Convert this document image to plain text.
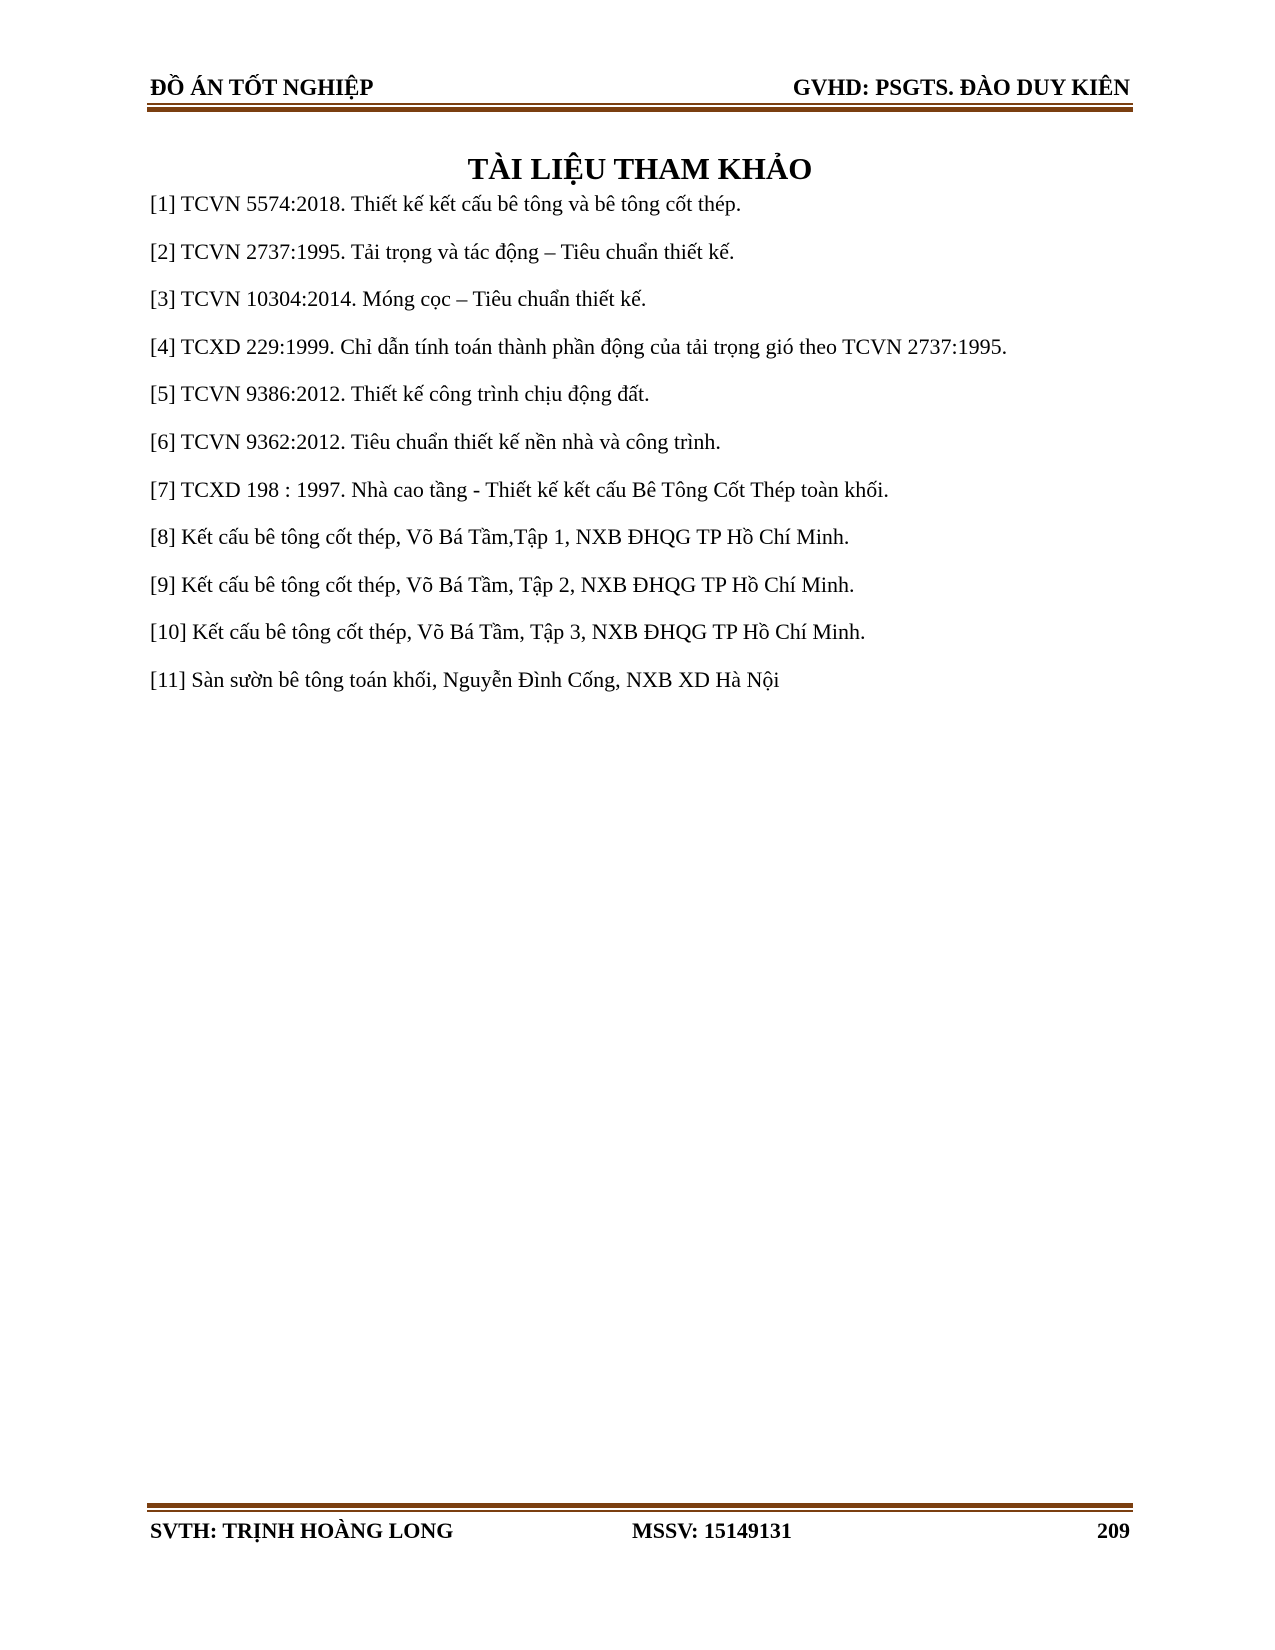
ĐỒ ÁN TỐT NGHIỆP	GVHD: PSGTS. ĐÀO DUY KIÊN
TÀI LIỆU THAM KHẢO
[1] TCVN 5574:2018. Thiết kế kết cấu bê tông và bê tông cốt thép.
[2] TCVN 2737:1995. Tải trọng và tác động – Tiêu chuẩn thiết kế.
[3] TCVN 10304:2014. Móng cọc – Tiêu chuẩn thiết kế.
[4] TCXD 229:1999. Chỉ dẫn tính toán thành phần động của tải trọng gió theo TCVN 2737:1995.
[5] TCVN 9386:2012. Thiết kế công trình chịu động đất.
[6] TCVN 9362:2012. Tiêu chuẩn thiết kế nền nhà và công trình.
[7] TCXD 198 : 1997. Nhà cao tầng - Thiết kế kết cấu Bê Tông Cốt Thép toàn khối.
[8] Kết cấu bê tông cốt thép, Võ Bá Tầm,Tập 1, NXB ĐHQG TP Hồ Chí Minh.
[9] Kết cấu bê tông cốt thép, Võ Bá Tầm, Tập 2, NXB ĐHQG TP Hồ Chí Minh.
[10] Kết cấu bê tông cốt thép, Võ Bá Tầm, Tập 3, NXB ĐHQG TP Hồ Chí Minh.
[11] Sàn sườn bê tông toán khối, Nguyễn Đình Cống, NXB XD Hà Nội
SVTH: TRỊNH HOÀNG LONG	MSSV: 15149131	209
